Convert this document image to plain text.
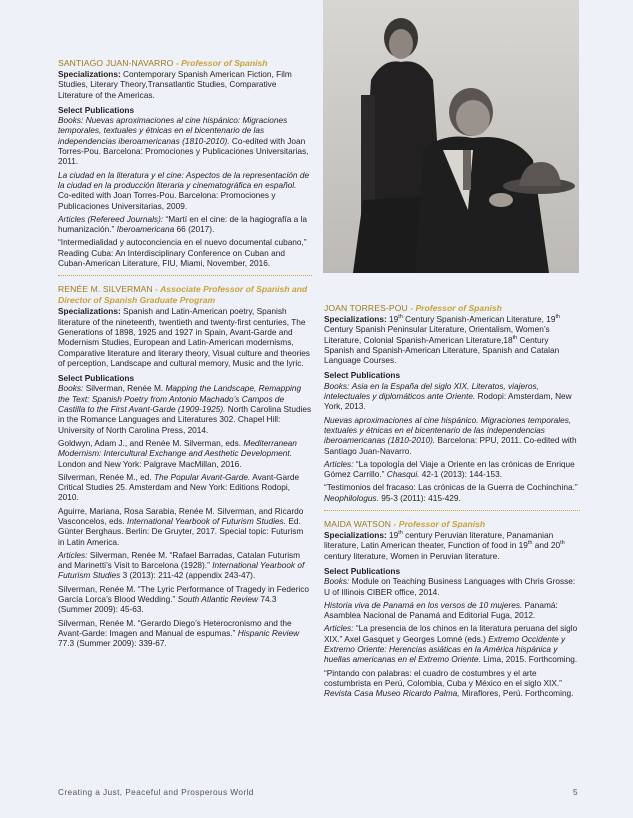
SANTIAGO JUAN-NAVARRO - Professor of Spanish
Specializations: Contemporary Spanish American Fiction, Film Studies, Literary Theory,Transatlantic Studies, Comparative Literature of the Americas.
Select Publications
Books: Nuevas aproximaciones al cine hispánico: Migraciones temporales, textuales y étnicas en el bicentenario de las independencias iberoamericanas (1810-2010). Co-edited with Joan Torres-Pou. Barcelona: Promociones y Publicaciones Universitarias, 2011.
La ciudad en la literatura y el cine: Aspectos de la representación de la ciudad en la producción literaria y cinematográfica en español. Co-edited with Joan Torres-Pou. Barcelona: Promociones y Publicaciones Universitarias, 2009.
Articles (Refereed Journals): “Martí en el cine: de la hagiografía a la humanización.” Iberoamericana 66 (2017).
“Intermedialidad y autoconciencia en el nuevo documental cubano,” Reading Cuba: An Interdisciplinary Conference on Cuban and Cuban-American Literature, FIU, Miami, November, 2016.
RENÉE M. SILVERMAN - Associate Professor of Spanish and Director of Spanish Graduate Program
Specializations: Spanish and Latin-American poetry, Spanish literature of the nineteenth, twentieth and twenty-first centuries, The Generations of 1898, 1925 and 1927 in Spain, Avant-Garde and Modernism Studies, European and Latin-American modernisms, Comparative literature and literary theory, Visual culture and theories of perception, Landscape and cultural memory, Music and the lyric.
Select Publications
Books: Silverman, Renée M. Mapping the Landscape, Remapping the Text: Spanish Poetry from Antonio Machado’s Campos de Castilla to the First Avant-Garde (1909-1925). North Carolina Studies in the Romance Languages and Literatures 302. Chapel Hill: University of North Carolina Press, 2014.
Goldwyn, Adam J., and Renée M. Silverman, eds. Mediterranean Modernism: Intercultural Exchange and Aesthetic Development. London and New York: Palgrave MacMillan, 2016.
Silverman, Renée M., ed. The Popular Avant-Garde. Avant-Garde Critical Studies 25. Amsterdam and New York: Editions Rodopi, 2010.
Aguirre, Mariana, Rosa Sarabia, Renée M. Silverman, and Ricardo Vasconcelos, eds. International Yearbook of Futurism Studies. Ed. Günter Berghaus. Berlin: De Gruyter, 2017. Special topic: Futurism in Latin America.
Articles: Silverman, Renée M. “Rafael Barradas, Catalan Futurism and Marinetti’s Visit to Barcelona (1928).” International Yearbook of Futurism Studies 3 (2013): 211-42 (appendix 243-47).
Silverman, Renée M. “The Lyric Performance of Tragedy in Federico García Lorca’s Blood Wedding.” South Atlantic Review 74.3 (Summer 2009): 45-63.
Silverman, Renée M. “Gerardo Diego’s Heterocronismo and the Avant-Garde: Imagen and Manual de espumas.” Hispanic Review 77.3 (Summer 2009): 339-67.
JOAN TORRES-POU - Professor of Spanish
Specializations: 19th Century Spanish-American Literature, 19th Century Spanish Peninsular Literature, Orientalism, Women’s Literature, Colonial Spanish-American Literature,18th Century Spanish and Spanish-American Literature, Spanish and Catalan Language Courses.
Select Publications
Books: Asia en la España del siglo XIX. Literatos, viajeros, intelectuales y diplomáticos ante Oriente. Rodopi: Amsterdam, New York, 2013.
Nuevas aproximaciones al cine hispánico. Migraciones temporales, textuales y étnicas en el bicentenario de las independencias iberoamericanas (1810-2010). Barcelona: PPU, 2011. Co-edited with Santiago Juan-Navarro.
Articles: “La topología del Viaje a Oriente en las crónicas de Enrique Gómez Carrillo.” Chasqui. 42-1 (2013): 144-153.
“Testimonios del fracaso: Las crónicas de la Guerra de Cochinchina.” Neophilologus. 95-3 (2011): 415-429.
MAIDA WATSON - Professor of Spanish
Specializations: 19th century Peruvian literature, Panamanian literature, Latin American theater, Function of food in 19th and 20th century literature, Women in Peruvian literature.
Select Publications
Books: Module on Teaching Business Languages with Chris Grosse: U of Illinois CIBER office, 2014.
Historia viva de Panamá en los versos de 10 mujeres. Panamá: Asamblea Nacional de Panamá and Editorial Fuga, 2012.
Articles: “La presencia de los chinos en la literatura peruana del siglo XIX.” Axel Gasquet y Georges Lomné (eds.) Extremo Occidente y Extremo Oriente: Herencias asiáticas en la América hispánica y huellas americanas en el Extremo Oriente. Lima, 2015. Forthcoming.
“Pintando con palabras: el cuadro de costumbres y el arte costumbrista en Perú, Colombia, Cuba y México en el siglo XIX.” Revista Casa Museo Ricardo Palma, Miraflores, Perú. Forthcoming.
Creating a Just, Peaceful and Prosperous World	5
